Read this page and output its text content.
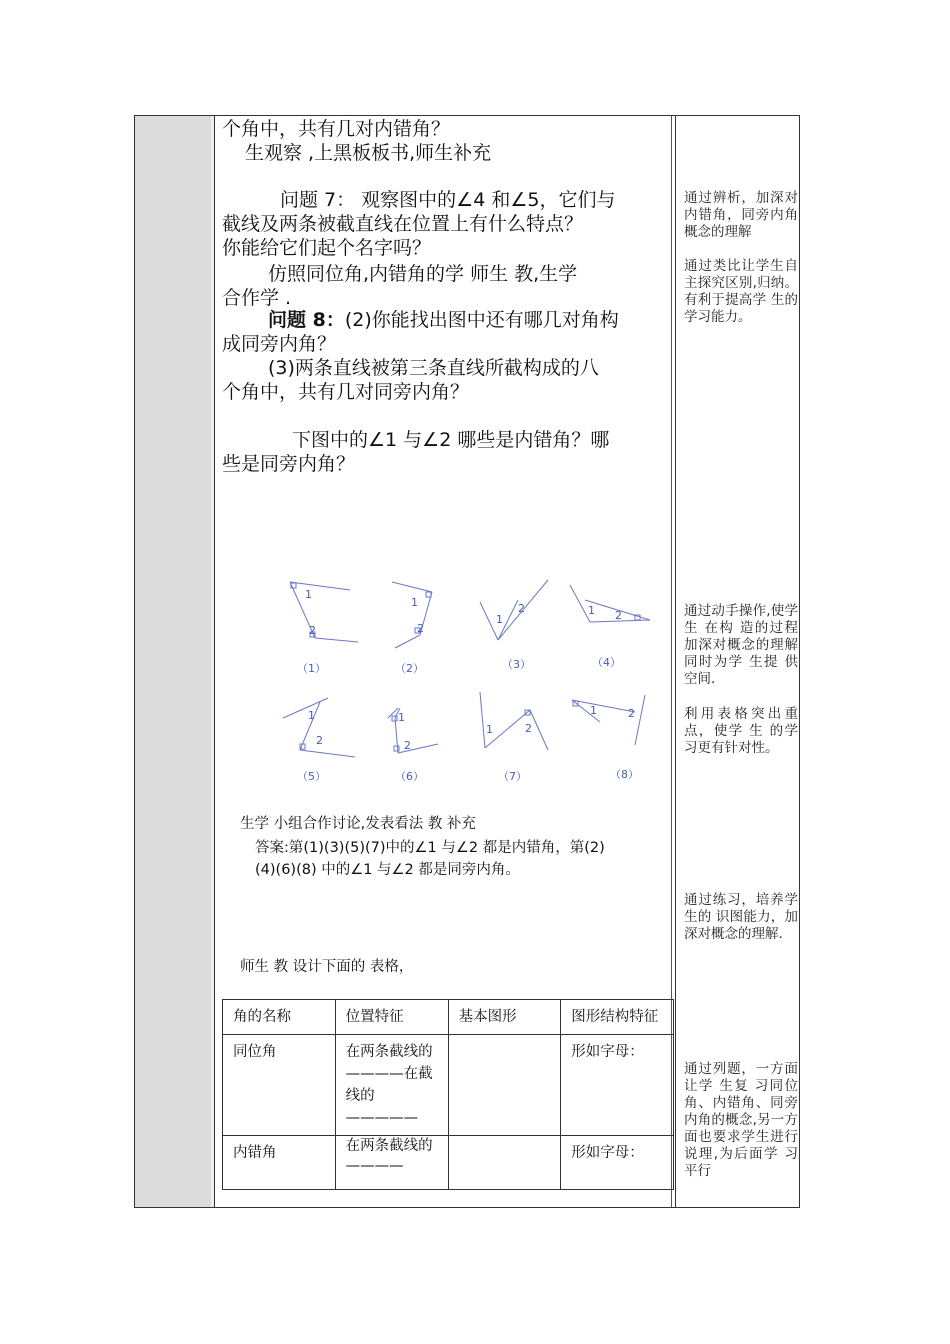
个角中，共有几对内错角？
生观察 ,上黑板板书,师生补充
问题 7： 观察图中的∠4 和∠5，它们与
截线及两条被截直线在位置上有什么特点？
你能给它们起个名字吗？
仿照同位角,内错角的学 师生 教,生学
合作学 .
问题 8：(2)你能找出图中还有哪几对角构
成同旁内角？
(3)两条直线被第三条直线所截构成的八
个角中，共有几对同旁内角？
下图中的∠1 与∠2 哪些是内错角？哪
些是同旁内角？
1
2
1
2
1
2	1 2
1
2
1
2
1	2
1	2
（1）	（2）	（3）	（4）
（5）	（6）	（7）	（8）
生学 小组合作讨论,发表看法 教 补充
答案:第(1)(3)(5)(7)中的∠1 与∠2 都是内错角，第(2)
(4)(6)(8) 中的∠1 与∠2 都是同旁内角。
师生 教 设计下面的 表格，
通过辨析，加深对内错角，同旁内角概念的理解
通过类比让学生自主探究区别,归纳。有利于提高学 生的 学习能力。
通过动手操作,使学 生 在构 造的过程加深对概念的理解同时为学 生提 供空间.
利用表格突出重点，使学 生 的学 习更有针对性。
通过练习，培养学 生的 识图能力，加深对概念的理解.
通过列题，一方面让学 生复 习同位角、内错角、同旁内角的概念,另一方面也要求学生进行说理,为后面学 习 平行
角的名称	位置特征	基本图形	图形结构特征
同位角	在两条截线的————在截线的—————		形如字母：
内错角	在两条截线的————		形如字母：
